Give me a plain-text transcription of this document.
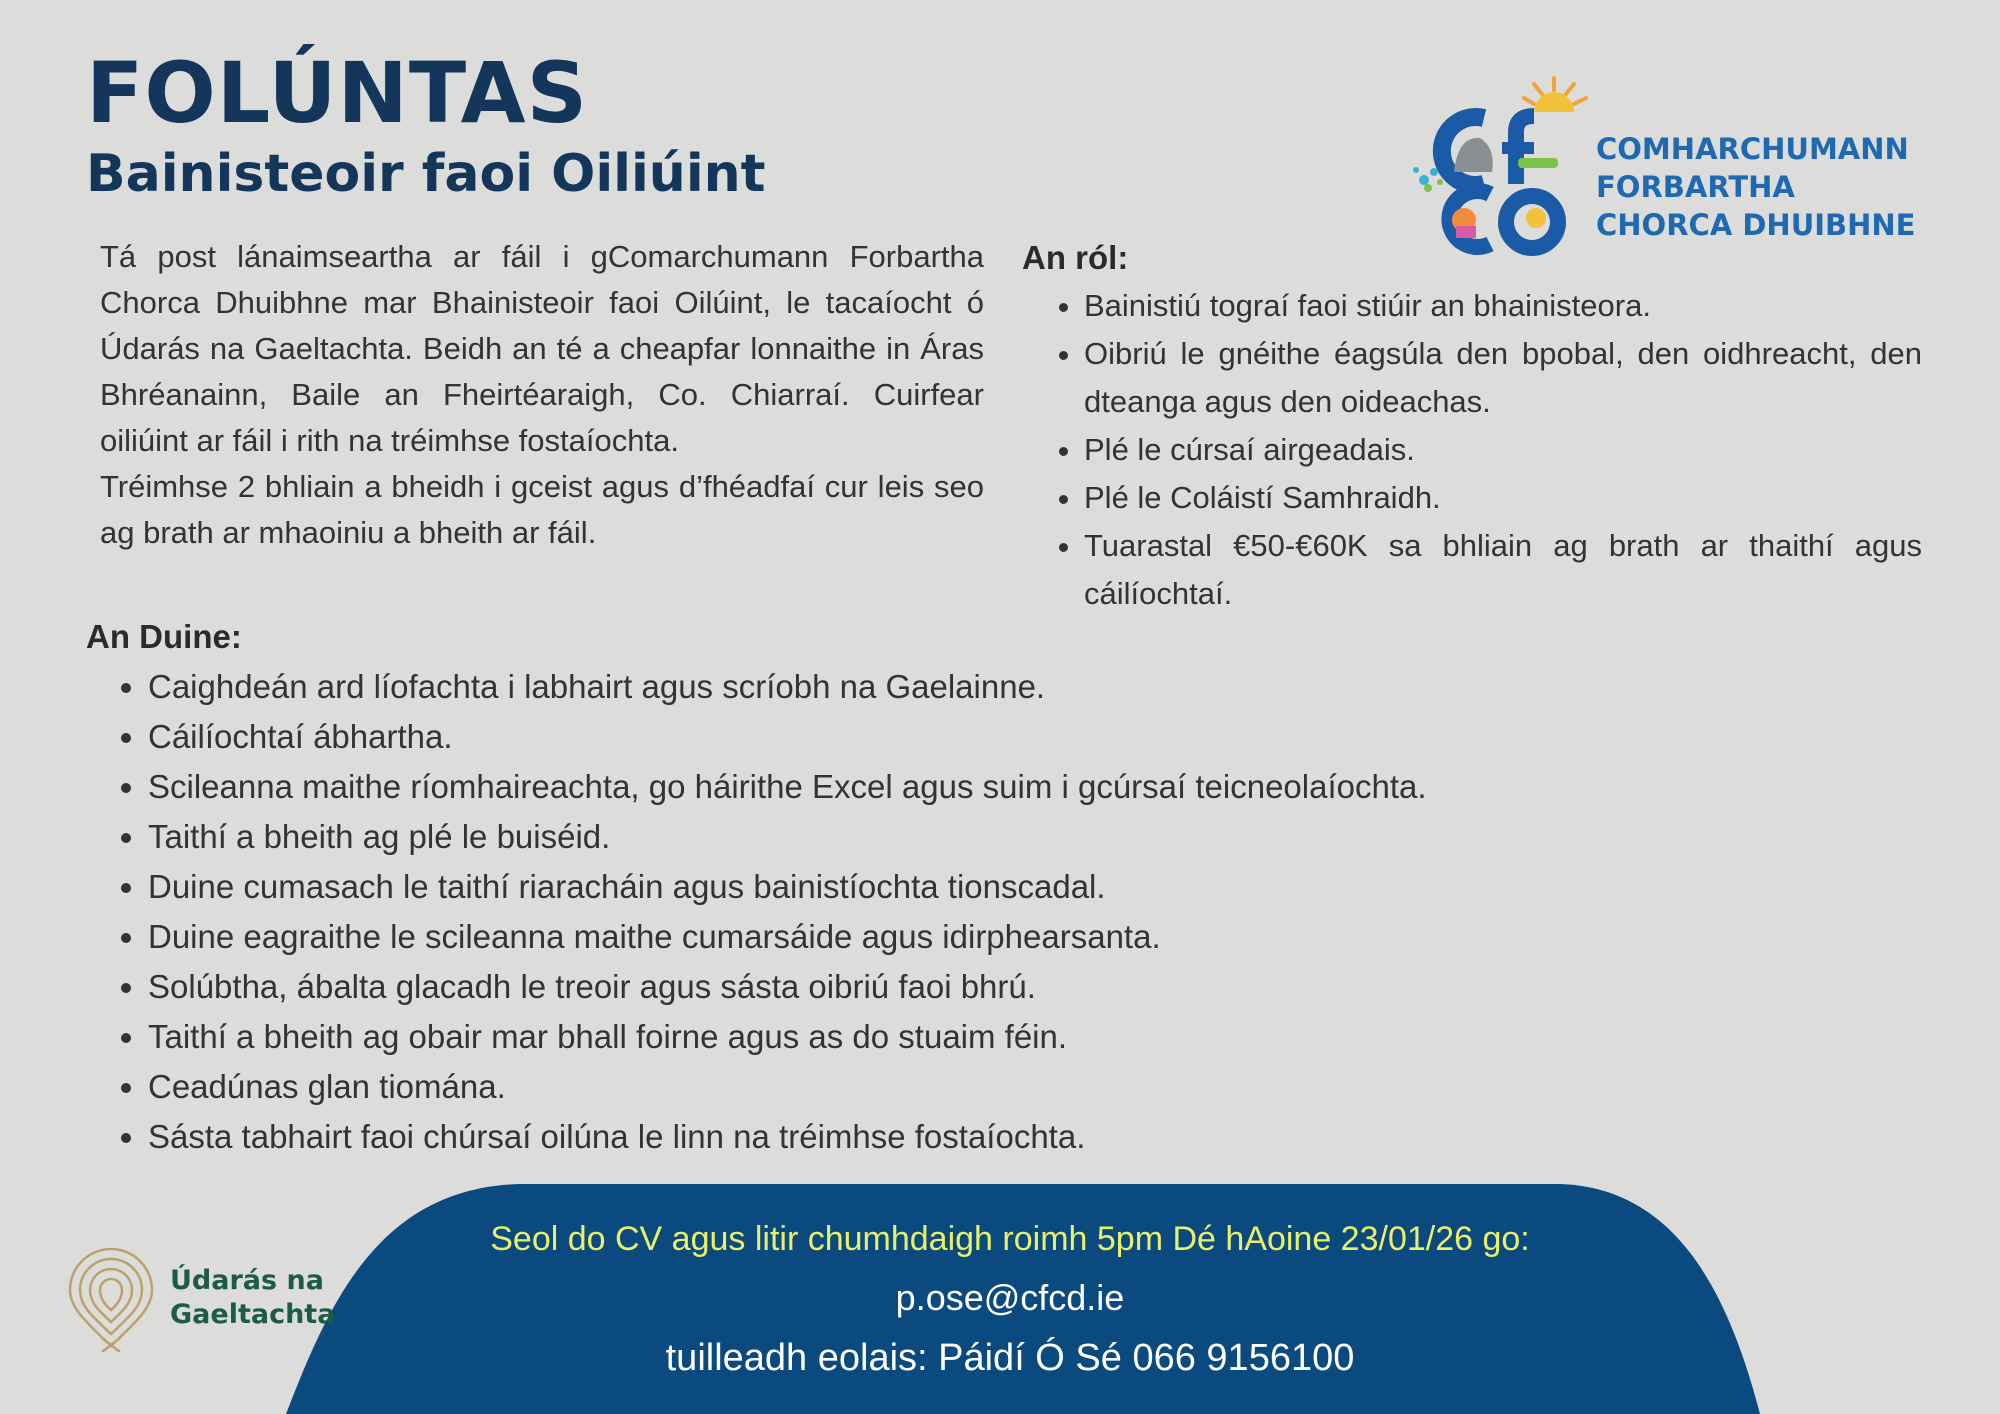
FOLÚNTAS
Bainisteoir faoi Oiliúint	COMHARCHUMANN
FORBARTHA
CHORCA DHUIBHNE

Tá post lánaimseartha ar fáil i gComarchumann Forbartha Chorca Dhuibhne mar Bhainisteoir faoi Oilúint, le tacaíocht ó Údarás na Gaeltachta. Beidh an té a cheapfar lonnaithe in Áras Bhréanainn, Baile an Fheirtéaraigh, Co. Chiarraí. Cuirfear oiliúint ar fáil i rith na tréimhse fostaíochta.

Tréimhse 2 bhliain a bheidh i gceist agus d’fhéadfaí cur leis seo ag brath ar mhaoiniu a bheith ar fáil.

An ról:
• Bainistiú tograí faoi stiúir an bhainisteora.
• Oibriú le gnéithe éagsúla den bpobal, den oidhreacht, den dteanga agus den oideachas.
• Plé le cúrsaí airgeadais.
• Plé le Coláistí Samhraidh.
• Tuarastal €50-€60K sa bhliain ag brath ar thaithí agus cáilíochtaí.
An Duine:
• Caighdeán ard líofachta i labhairt agus scríobh na Gaelainne.
• Cáilíochtaí ábhartha.
• Scileanna maithe ríomhaireachta, go háirithe Excel agus suim i gcúrsaí teicneolaíochta.
• Taithí a bheith ag plé le buiséid.
• Duine cumasach le taithí riaracháin agus bainistíochta tionscadal.
• Duine eagraithe le scileanna maithe cumarsáide agus idirphearsanta.
• Solúbtha, ábalta glacadh le treoir agus sásta oibriú faoi bhrú.
• Taithí a bheith ag obair mar bhall foirne agus as do stuaim féin.
• Ceadúnas glan tiomána.
• Sásta tabhairt faoi chúrsaí oilúna le linn na tréimhse fostaíochta.
Seol do CV agus litir chumhdaigh roimh 5pm Dé hAoine 23/01/26 go:
p.ose@cfcd.ie
tuilleadh eolais: Páidí Ó Sé 066 9156100
Údarás na
Gaeltachta
